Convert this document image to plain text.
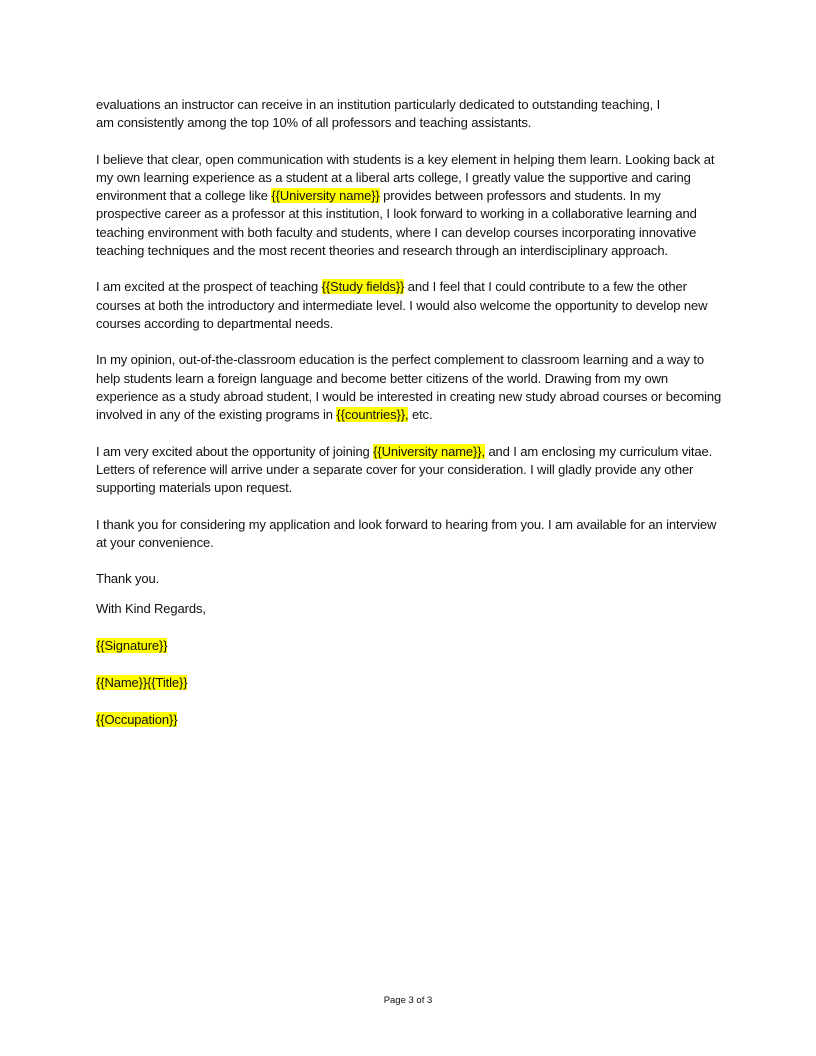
evaluations an instructor can receive in an institution particularly dedicated to outstanding teaching, I
am consistently among the top 10% of all professors and teaching assistants.

I believe that clear, open communication with students is a key element in helping them learn. Looking back at my own learning experience as a student at a liberal arts college, I greatly value the supportive and caring environment that a college like {{University name}} provides between professors and students. In my prospective career as a professor at this institution, I look forward to working in a collaborative learning and teaching environment with both faculty and students, where I can develop courses incorporating innovative teaching techniques and the most recent theories and research through an interdisciplinary approach.

I am excited at the prospect of teaching {{Study fields}} and I feel that I could contribute to a few the other courses at both the introductory and intermediate level. I would also welcome the opportunity to develop new courses according to departmental needs.

In my opinion, out-of-the-classroom education is the perfect complement to classroom learning and a way to help students learn a foreign language and become better citizens of the world. Drawing from my own experience as a study abroad student, I would be interested in creating new study abroad courses or becoming involved in any of the existing programs in {{countries}}, etc.

I am very excited about the opportunity of joining {{University name}}, and I am enclosing my curriculum vitae. Letters of reference will arrive under a separate cover for your consideration. I will gladly provide any other supporting materials upon request.

I thank you for considering my application and look forward to hearing from you. I am available for an interview at your convenience.

Thank you.

With Kind Regards,

{{Signature}}

{{Name}}{{Title}}

{{Occupation}}

Page 3 of 3
